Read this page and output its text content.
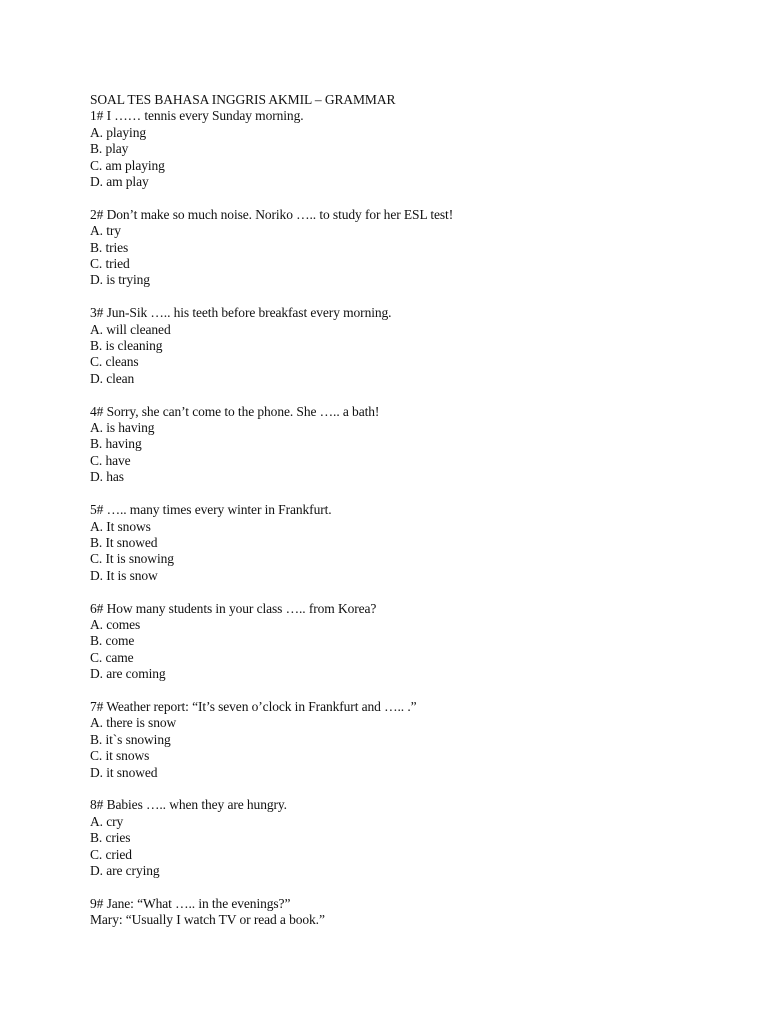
SOAL TES BAHASA INGGRIS AKMIL – GRAMMAR
1# I …… tennis every Sunday morning.
A. playing
B. play
C. am playing
D. am play
2# Don’t make so much noise. Noriko ….. to study for her ESL test!
A. try
B. tries
C. tried
D. is trying
3# Jun-Sik ….. his teeth before breakfast every morning.
A. will cleaned
B. is cleaning
C. cleans
D. clean
4# Sorry, she can’t come to the phone. She ….. a bath!
A. is having
B. having
C. have
D. has
5# ….. many times every winter in Frankfurt.
A. It snows
B. It snowed
C. It is snowing
D. It is snow
6# How many students in your class ….. from Korea?
A. comes
B. come
C. came
D. are coming
7# Weather report: “It’s seven o’clock in Frankfurt and ….. .”
A. there is snow
B. it`s snowing
C. it snows
D. it snowed
8# Babies ….. when they are hungry.
A. cry
B. cries
C. cried
D. are crying
9# Jane: “What ….. in the evenings?”
Mary: “Usually I watch TV or read a book.”
